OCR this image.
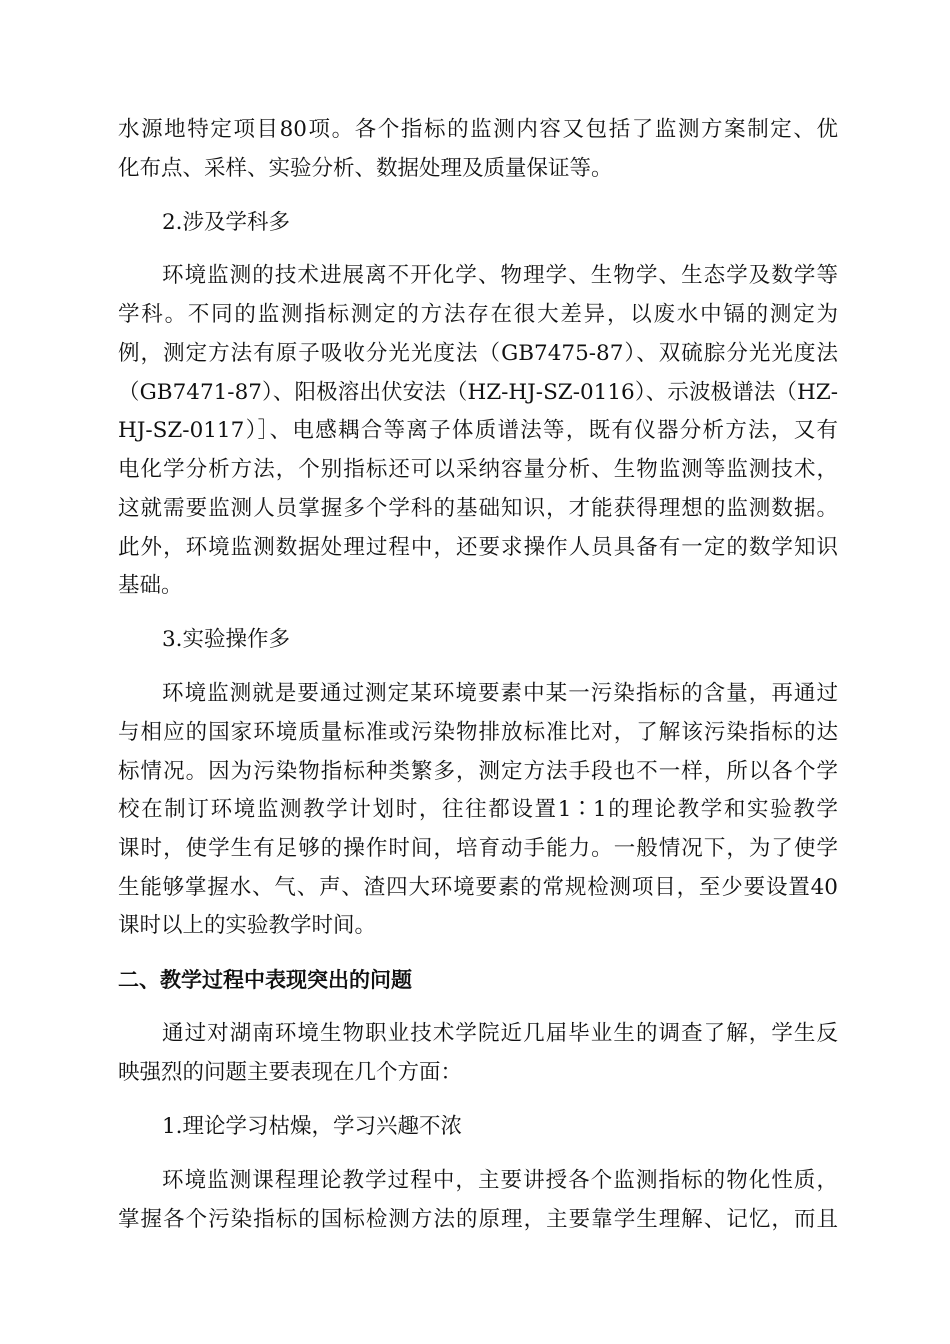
水源地特定项目80项。各个指标的监测内容又包括了监测方案制定、优
化布点、采样、实验分析、数据处理及质量保证等。
2.涉及学科多
环境监测的技术进展离不开化学、物理学、生物学、生态学及数学等
学科。不同的监测指标测定的方法存在很大差异，以废水中镉的测定为
例，测定方法有原子吸收分光光度法（GB7475-87）、双硫腙分光光度法
（GB7471-87）、阳极溶出伏安法（HZ-HJ-SZ-0116）、示波极谱法（HZ-
HJ-SZ-0117）］、电感耦合等离子体质谱法等，既有仪器分析方法，又有
电化学分析方法，个别指标还可以采纳容量分析、生物监测等监测技术，
这就需要监测人员掌握多个学科的基础知识，才能获得理想的监测数据。
此外，环境监测数据处理过程中，还要求操作人员具备有一定的数学知识
基础。
3.实验操作多
环境监测就是要通过测定某环境要素中某一污染指标的含量，再通过
与相应的国家环境质量标准或污染物排放标准比对，了解该污染指标的达
标情况。因为污染物指标种类繁多，测定方法手段也不一样，所以各个学
校在制订环境监测教学计划时，往往都设置1∶1的理论教学和实验教学
课时，使学生有足够的操作时间，培育动手能力。一般情况下，为了使学
生能够掌握水、气、声、渣四大环境要素的常规检测项目，至少要设置40
课时以上的实验教学时间。
二、教学过程中表现突出的问题
通过对湖南环境生物职业技术学院近几届毕业生的调查了解，学生反
映强烈的问题主要表现在几个方面：
1.理论学习枯燥，学习兴趣不浓
环境监测课程理论教学过程中，主要讲授各个监测指标的物化性质，
掌握各个污染指标的国标检测方法的原理，主要靠学生理解、记忆，而且
